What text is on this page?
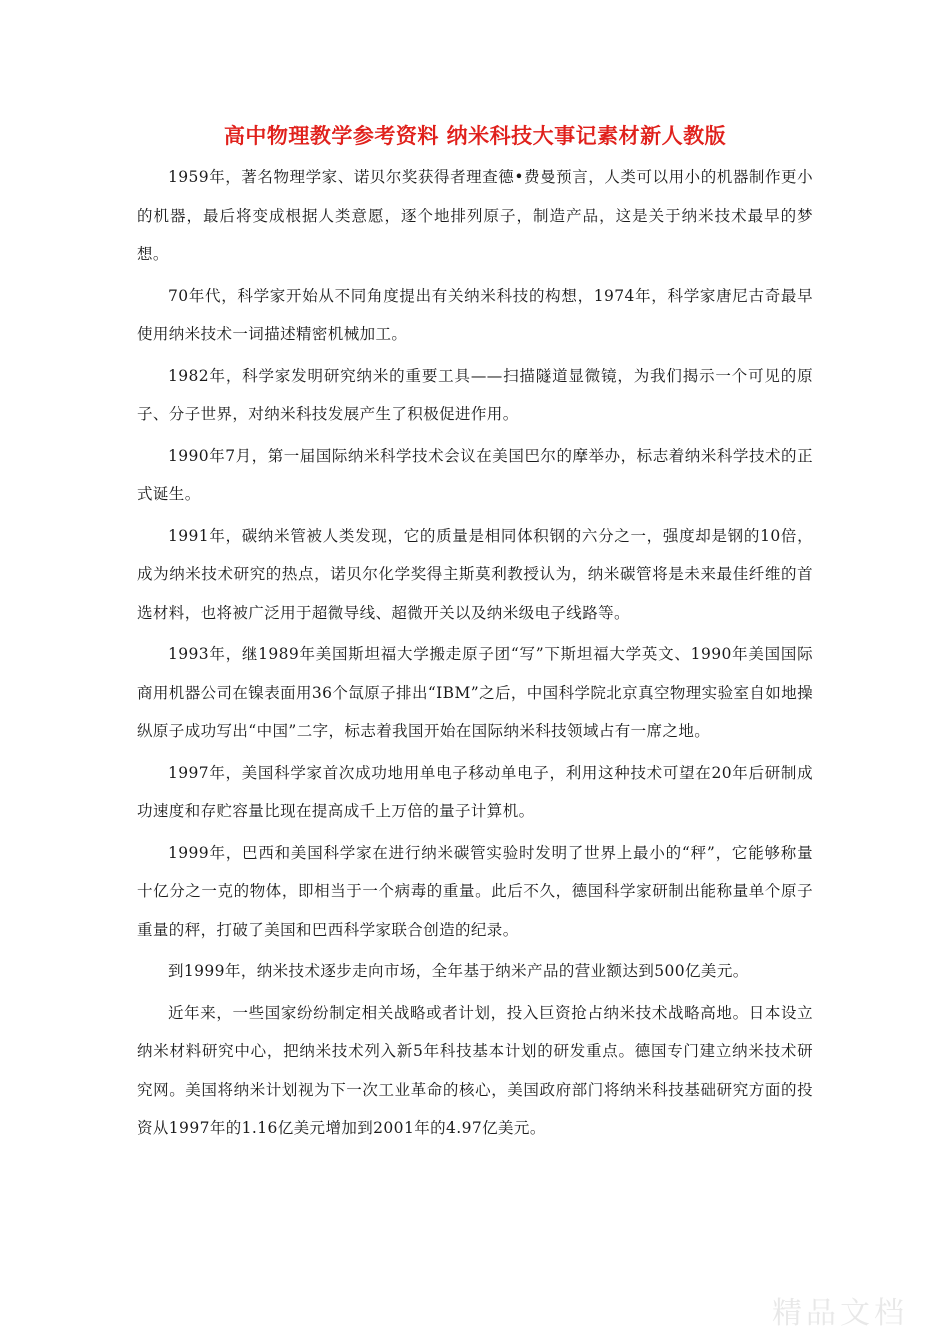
高中物理教学参考资料 纳米科技大事记素材新人教版

1959年，著名物理学家、诺贝尔奖获得者理查德•费曼预言，人类可以用小的机器制作更小的机器，最后将变成根据人类意愿，逐个地排列原子，制造产品，这是关于纳米技术最早的梦想。

70年代，科学家开始从不同角度提出有关纳米科技的构想，1974年，科学家唐尼古奇最早使用纳米技术一词描述精密机械加工。

1982年，科学家发明研究纳米的重要工具——扫描隧道显微镜，为我们揭示一个可见的原子、分子世界，对纳米科技发展产生了积极促进作用。

1990年7月，第一届国际纳米科学技术会议在美国巴尔的摩举办，标志着纳米科学技术的正式诞生。

1991年，碳纳米管被人类发现，它的质量是相同体积钢的六分之一，强度却是钢的10倍，成为纳米技术研究的热点，诺贝尔化学奖得主斯莫利教授认为，纳米碳管将是未来最佳纤维的首选材料，也将被广泛用于超微导线、超微开关以及纳米级电子线路等。

1993年，继1989年美国斯坦福大学搬走原子团“写”下斯坦福大学英文、1990年美国国际商用机器公司在镍表面用36个氙原子排出“IBM”之后，中国科学院北京真空物理实验室自如地操纵原子成功写出“中国”二字，标志着我国开始在国际纳米科技领域占有一席之地。

1997年，美国科学家首次成功地用单电子移动单电子，利用这种技术可望在20年后研制成功速度和存贮容量比现在提高成千上万倍的量子计算机。

1999年，巴西和美国科学家在进行纳米碳管实验时发明了世界上最小的“秤”，它能够称量十亿分之一克的物体，即相当于一个病毒的重量。此后不久，德国科学家研制出能称量单个原子重量的秤，打破了美国和巴西科学家联合创造的纪录。

到1999年，纳米技术逐步走向市场，全年基于纳米产品的营业额达到500亿美元。

近年来，一些国家纷纷制定相关战略或者计划，投入巨资抢占纳米技术战略高地。日本设立纳米材料研究中心，把纳米技术列入新5年科技基本计划的研发重点。德国专门建立纳米技术研究网。美国将纳米计划视为下一次工业革命的核心，美国政府部门将纳米科技基础研究方面的投资从1997年的1.16亿美元增加到2001年的4.97亿美元。

精品文档
